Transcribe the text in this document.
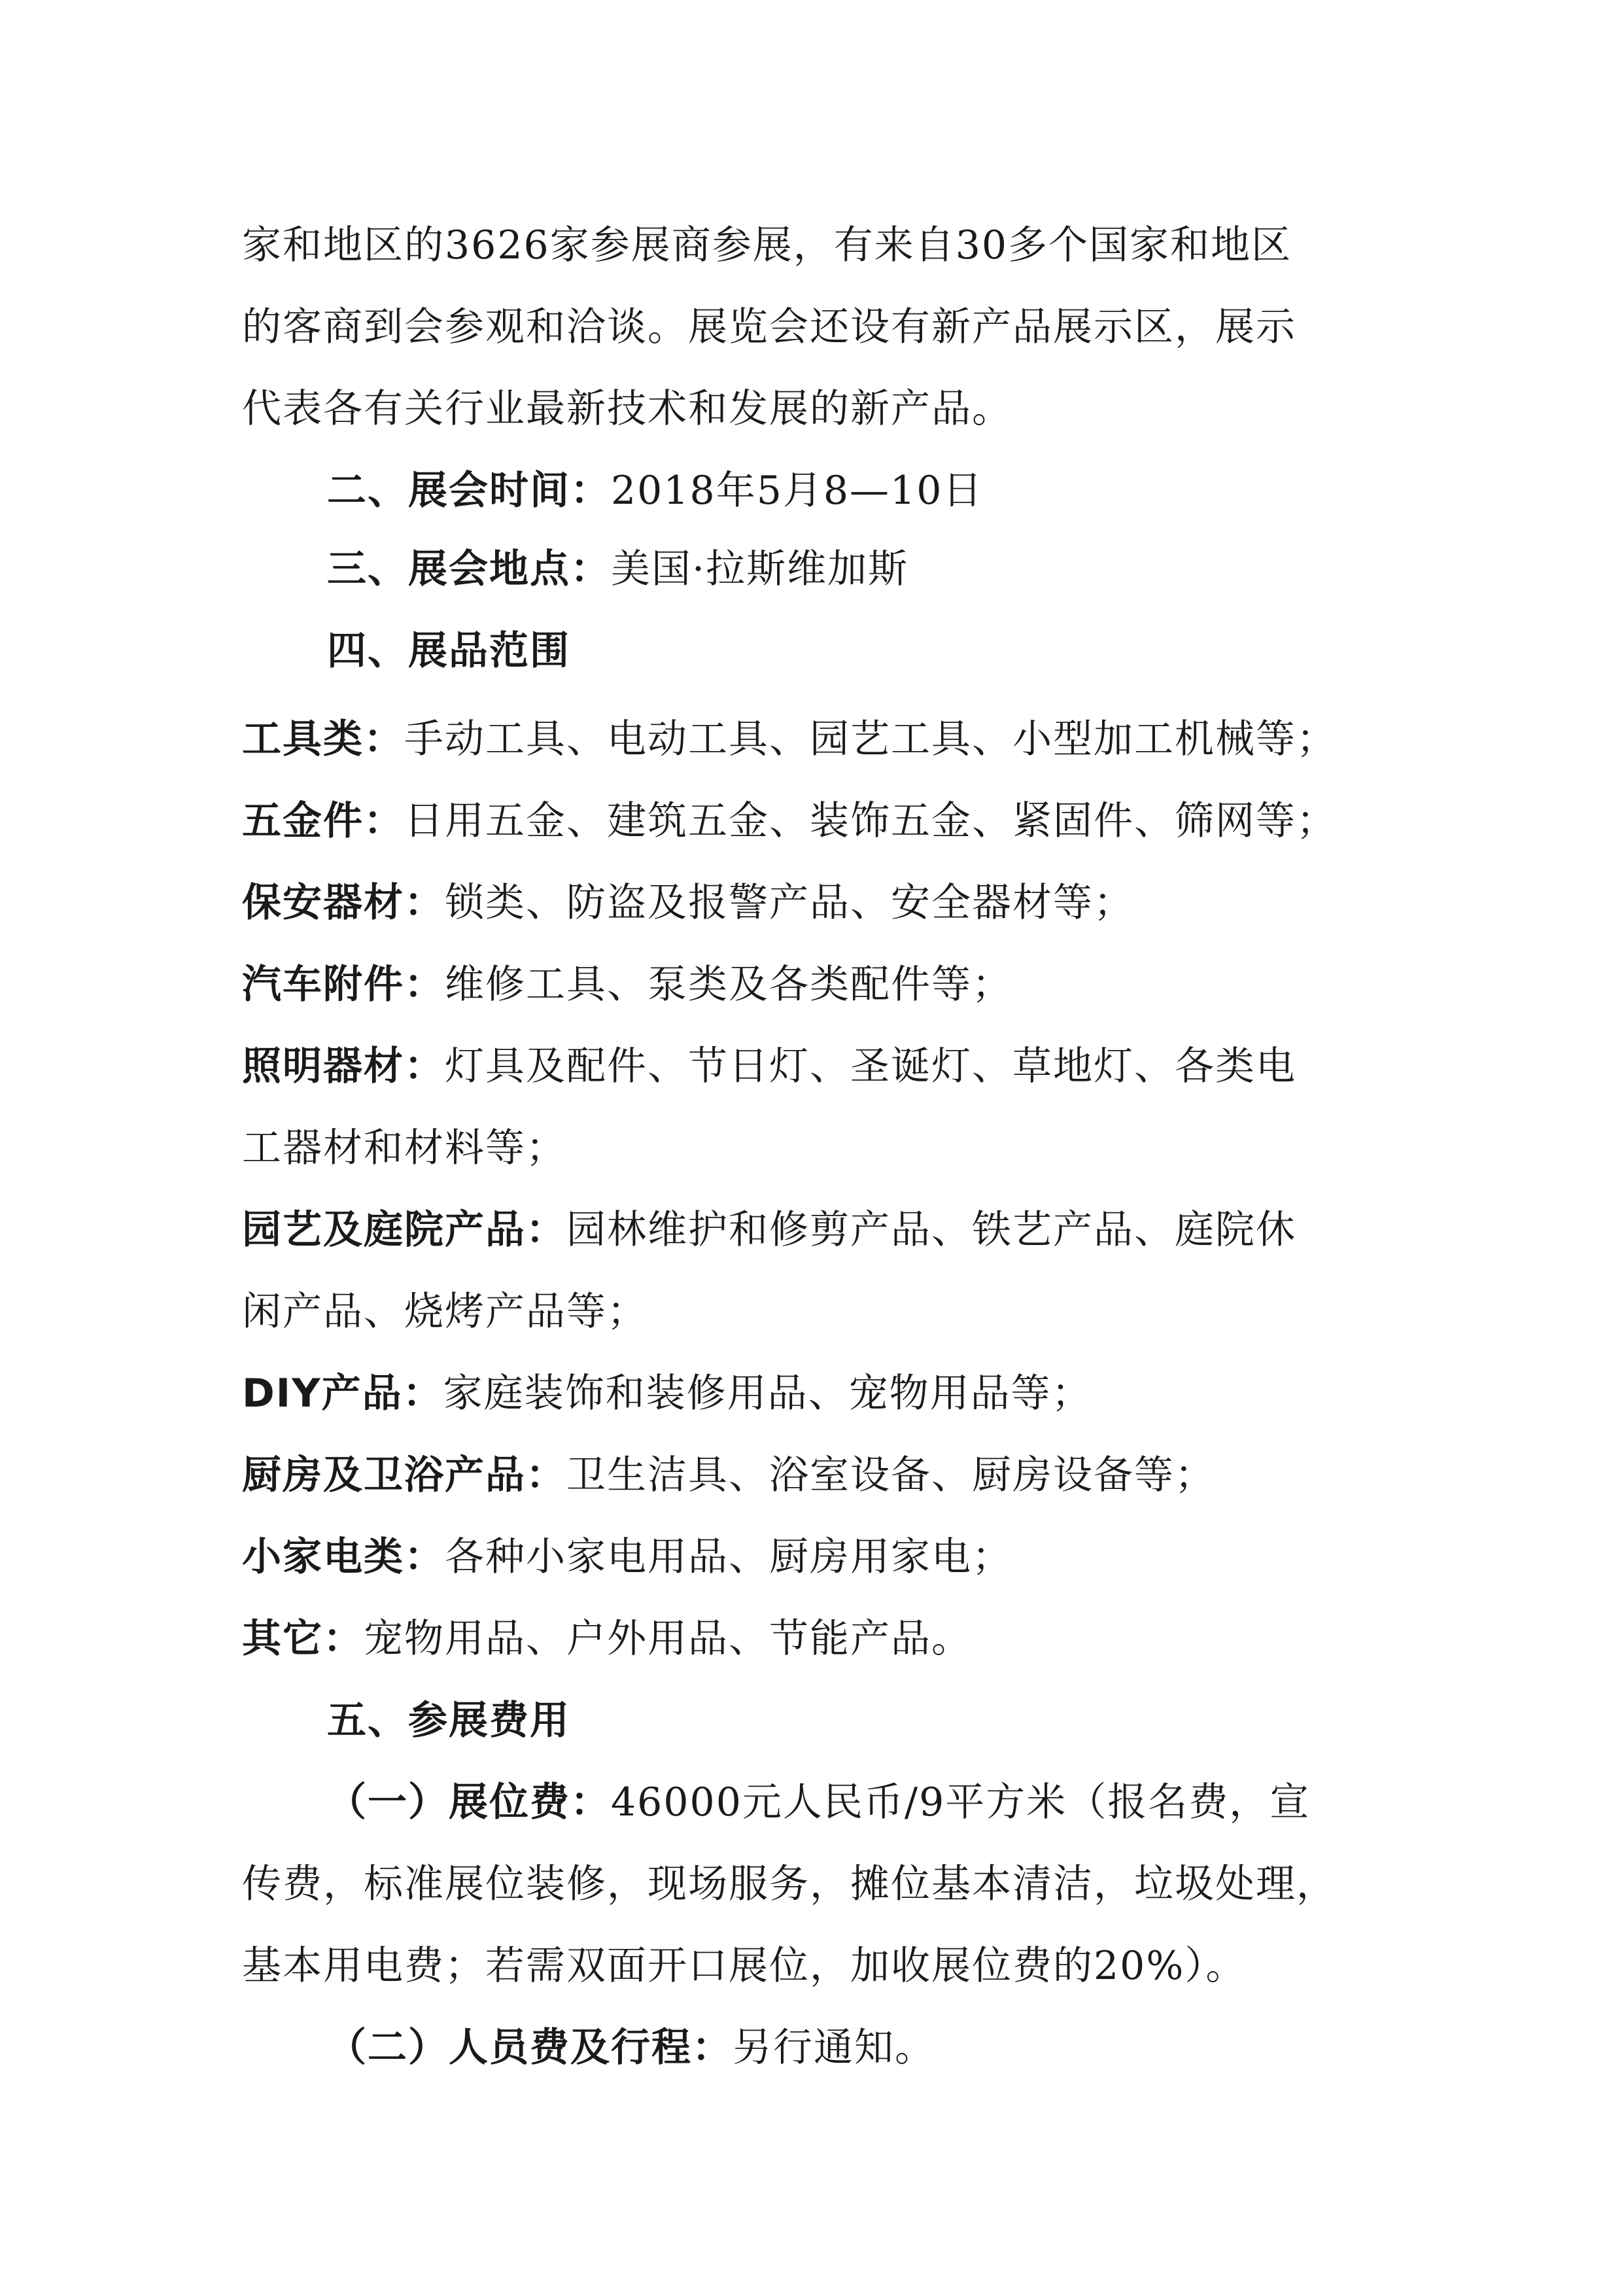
家和地区的3626家参展商参展，有来自30多个国家和地区
的客商到会参观和洽谈。展览会还设有新产品展示区，展示
代表各有关行业最新技术和发展的新产品。
二、展会时间：2018年5月8—10日
三、展会地点：美国·拉斯维加斯
四、展品范围
工具类：手动工具、电动工具、园艺工具、小型加工机械等；
五金件：日用五金、建筑五金、装饰五金、紧固件、筛网等；
保安器材：锁类、防盗及报警产品、安全器材等；
汽车附件：维修工具、泵类及各类配件等；
照明器材：灯具及配件、节日灯、圣诞灯、草地灯、各类电
工器材和材料等；
园艺及庭院产品：园林维护和修剪产品、铁艺产品、庭院休
闲产品、烧烤产品等；
DIY产品：家庭装饰和装修用品、宠物用品等；
厨房及卫浴产品：卫生洁具、浴室设备、厨房设备等；
小家电类：各种小家电用品、厨房用家电；
其它：宠物用品、户外用品、节能产品。
五、参展费用
（一）展位费：46000元人民币/9平方米（报名费，宣
传费，标准展位装修，现场服务，摊位基本清洁，垃圾处理，
基本用电费；若需双面开口展位，加收展位费的20%）。
（二）人员费及行程：另行通知。
